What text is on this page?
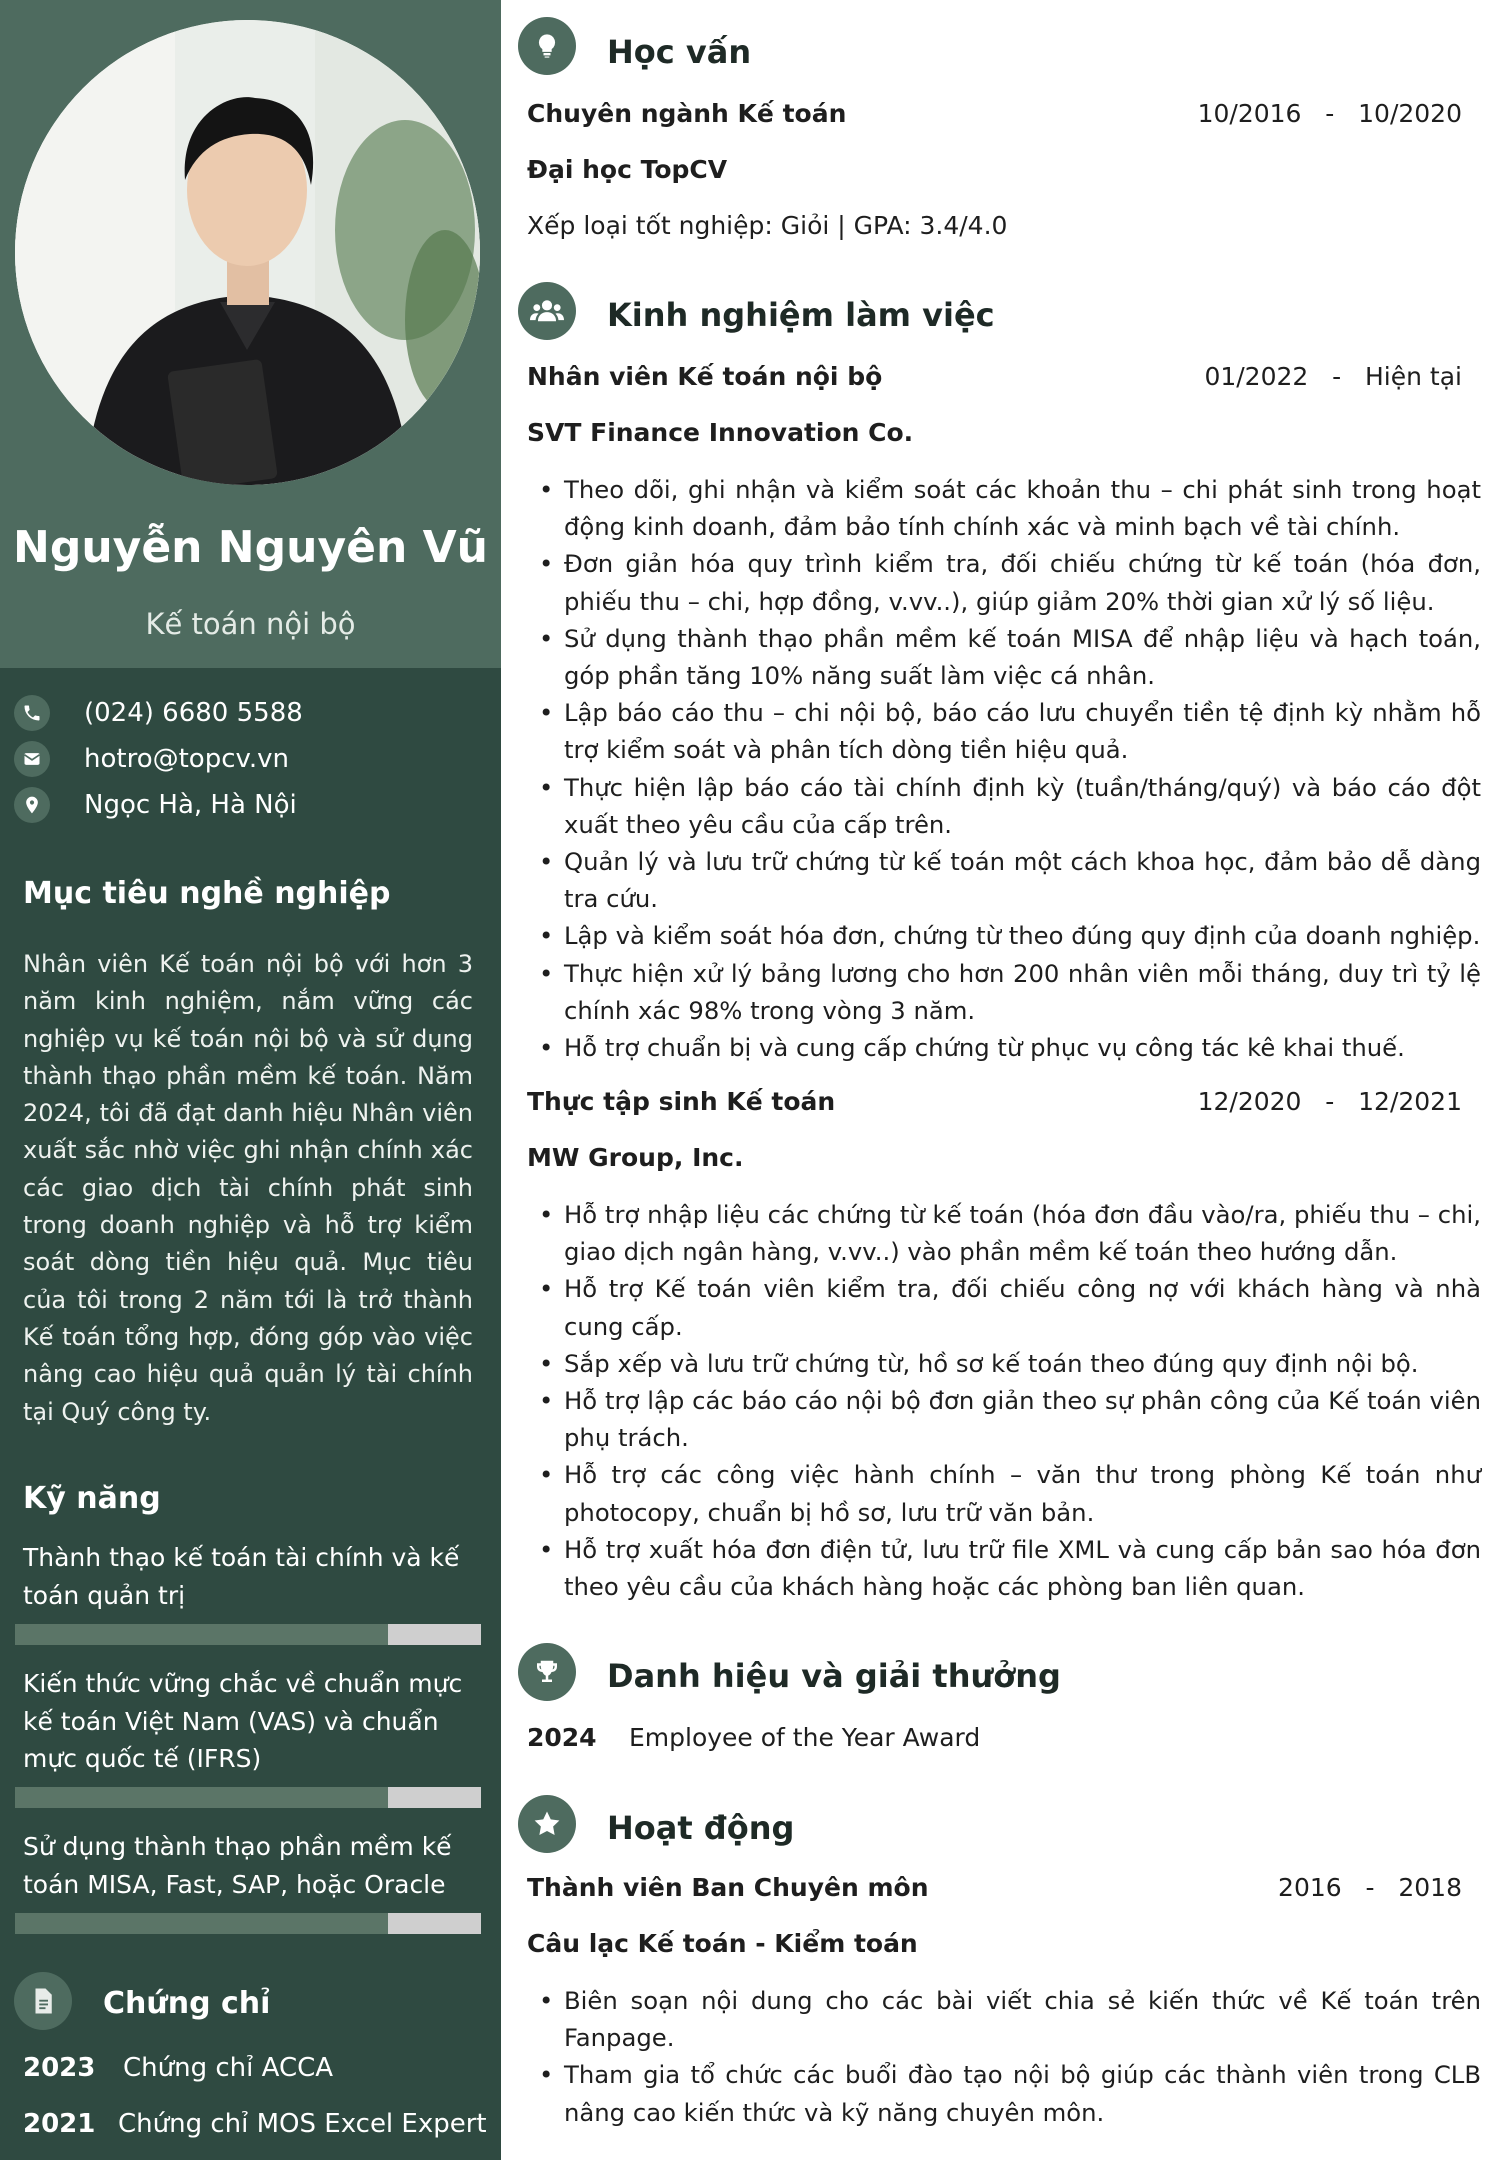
Nguyễn Nguyên Vũ
Kế toán nội bộ
(024) 6680 5588
hotro@topcv.vn
Ngọc Hà, Hà Nội
Mục tiêu nghề nghiệp
Nhân viên Kế toán nội bộ với hơn 3 năm kinh nghiệm, nắm vững các nghiệp vụ kế toán nội bộ và sử dụng thành thạo phần mềm kế toán. Năm 2024, tôi đã đạt danh hiệu Nhân viên xuất sắc nhờ việc ghi nhận chính xác các giao dịch tài chính phát sinh trong doanh nghiệp và hỗ trợ kiểm soát dòng tiền hiệu quả. Mục tiêu của tôi trong 2 năm tới là trở thành Kế toán tổng hợp, đóng góp vào việc nâng cao hiệu quả quản lý tài chính tại Quý công ty.
Kỹ năng
Thành thạo kế toán tài chính và kế toán quản trị
Kiến thức vững chắc về chuẩn mực kế toán Việt Nam (VAS) và chuẩn mực quốc tế (IFRS)
Sử dụng thành thạo phần mềm kế toán MISA, Fast, SAP, hoặc Oracle
Chứng chỉ
2023 Chứng chỉ ACCA
2021 Chứng chỉ MOS Excel Expert
Học vấn
Chuyên ngành Kế toán	10/2016   -   10/2020
Đại học TopCV
Xếp loại tốt nghiệp: Giỏi | GPA: 3.4/4.0
Kinh nghiệm làm việc
Nhân viên Kế toán nội bộ	01/2022   -   Hiện tại
SVT Finance Innovation Co.
• Theo dõi, ghi nhận và kiểm soát các khoản thu – chi phát sinh trong hoạt động kinh doanh, đảm bảo tính chính xác và minh bạch về tài chính.
• Đơn giản hóa quy trình kiểm tra, đối chiếu chứng từ kế toán (hóa đơn, phiếu thu – chi, hợp đồng, v.vv..), giúp giảm 20% thời gian xử lý số liệu.
• Sử dụng thành thạo phần mềm kế toán MISA để nhập liệu và hạch toán, góp phần tăng 10% năng suất làm việc cá nhân.
• Lập báo cáo thu – chi nội bộ, báo cáo lưu chuyển tiền tệ định kỳ nhằm hỗ trợ kiểm soát và phân tích dòng tiền hiệu quả.
• Thực hiện lập báo cáo tài chính định kỳ (tuần/tháng/quý) và báo cáo đột xuất theo yêu cầu của cấp trên.
• Quản lý và lưu trữ chứng từ kế toán một cách khoa học, đảm bảo dễ dàng tra cứu.
• Lập và kiểm soát hóa đơn, chứng từ theo đúng quy định của doanh nghiệp.
• Thực hiện xử lý bảng lương cho hơn 200 nhân viên mỗi tháng, duy trì tỷ lệ chính xác 98% trong vòng 3 năm.
• Hỗ trợ chuẩn bị và cung cấp chứng từ phục vụ công tác kê khai thuế.
Thực tập sinh Kế toán	12/2020   -   12/2021
MW Group, Inc.
• Hỗ trợ nhập liệu các chứng từ kế toán (hóa đơn đầu vào/ra, phiếu thu – chi, giao dịch ngân hàng, v.vv..) vào phần mềm kế toán theo hướng dẫn.
• Hỗ trợ Kế toán viên kiểm tra, đối chiếu công nợ với khách hàng và nhà cung cấp.
• Sắp xếp và lưu trữ chứng từ, hồ sơ kế toán theo đúng quy định nội bộ.
• Hỗ trợ lập các báo cáo nội bộ đơn giản theo sự phân công của Kế toán viên phụ trách.
• Hỗ trợ các công việc hành chính – văn thư trong phòng Kế toán như photocopy, chuẩn bị hồ sơ, lưu trữ văn bản.
• Hỗ trợ xuất hóa đơn điện tử, lưu trữ file XML và cung cấp bản sao hóa đơn theo yêu cầu của khách hàng hoặc các phòng ban liên quan.
Danh hiệu và giải thưởng
2024 Employee of the Year Award
Hoạt động
Thành viên Ban Chuyên môn	2016   -   2018
Câu lạc Kế toán - Kiểm toán
• Biên soạn nội dung cho các bài viết chia sẻ kiến thức về Kế toán trên Fanpage.
• Tham gia tổ chức các buổi đào tạo nội bộ giúp các thành viên trong CLB nâng cao kiến thức và kỹ năng chuyên môn.
